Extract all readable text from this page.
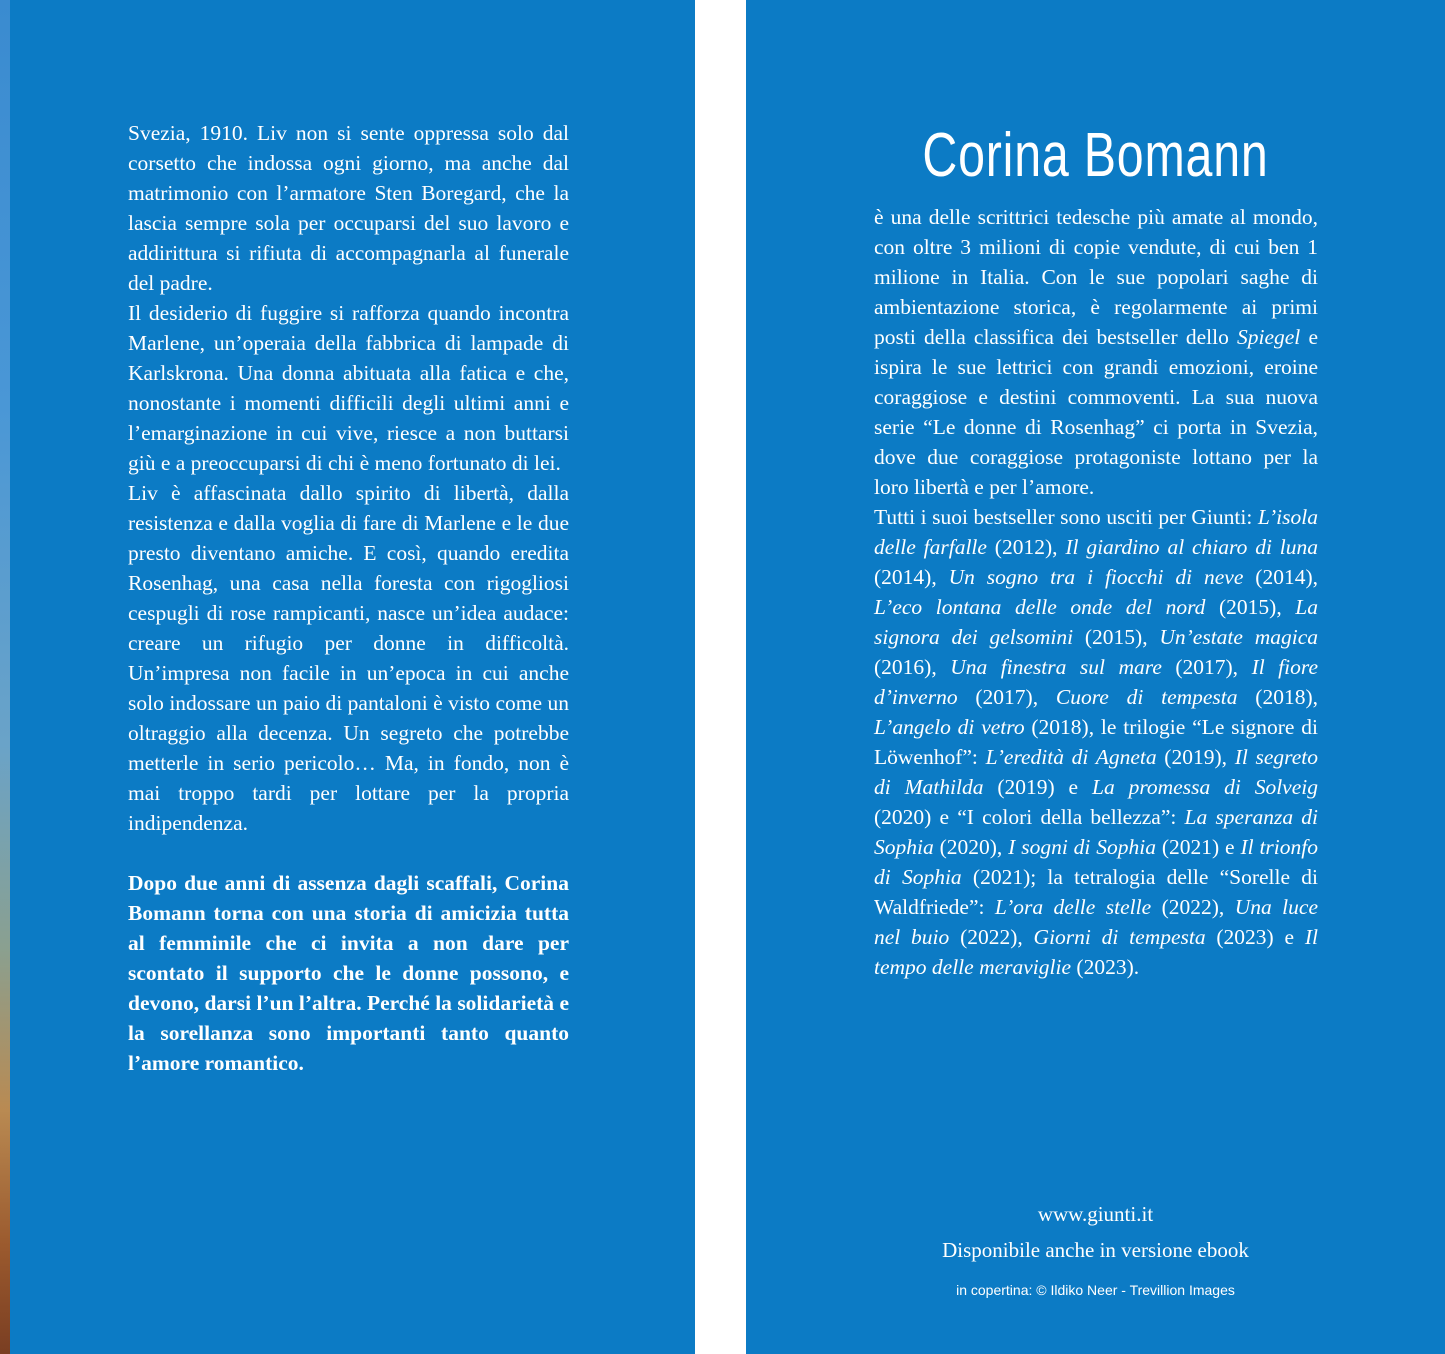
Svezia, 1910. Liv non si sente oppressa solo dal corsetto che indossa ogni giorno, ma anche dal matrimonio con l’armatore Sten Boregard, che la lascia sempre sola per occuparsi del suo lavoro e addirittura si rifiuta di accompagnarla al funerale del padre.

Il desiderio di fuggire si rafforza quando incontra Marlene, un’operaia della fabbrica di lampade di Karlskrona. Una donna abituata alla fatica e che, nonostante i momenti difficili degli ultimi anni e l’emarginazione in cui vive, riesce a non buttarsi giù e a preoccuparsi di chi è meno fortunato di lei.

Liv è affascinata dallo spirito di libertà, dalla resistenza e dalla voglia di fare di Marlene e le due presto diventano amiche. E così, quando eredita Rosenhag, una casa nella foresta con rigogliosi cespugli di rose rampicanti, nasce un’idea audace: creare un rifugio per donne in difficoltà. Un’impresa non facile in un’epoca in cui anche solo indossare un paio di pantaloni è visto come un oltraggio alla decenza. Un segreto che potrebbe metterle in serio pericolo… Ma, in fondo, non è mai troppo tardi per lottare per la propria indipendenza.

Dopo due anni di assenza dagli scaffali, Corina Bomann torna con una storia di amicizia tutta al femminile che ci invita a non dare per scontato il supporto che le donne possono, e devono, darsi l’un l’altra. Perché la solidarietà e la sorellanza sono importanti tanto quanto l’amore romantico.

Corina Bomann

è una delle scrittrici tedesche più amate al mondo, con oltre 3 milioni di copie vendute, di cui ben 1 milione in Italia. Con le sue popolari saghe di ambientazione storica, è regolarmente ai primi posti della classifica dei bestseller dello Spiegel e ispira le sue lettrici con grandi emozioni, eroine coraggiose e destini commoventi. La sua nuova serie “Le donne di Rosenhag” ci porta in Svezia, dove due coraggiose protagoniste lottano per la loro libertà e per l’amore.

Tutti i suoi bestseller sono usciti per Giunti: L’isola delle farfalle (2012), Il giardino al chiaro di luna (2014), Un sogno tra i fiocchi di neve (2014), L’eco lontana delle onde del nord (2015), La signora dei gelsomini (2015), Un’estate magica (2016), Una finestra sul mare (2017), Il fiore d’inverno (2017), Cuore di tempesta (2018), L’angelo di vetro (2018), le trilogie “Le signore di Löwenhof”: L’eredità di Agneta (2019), Il segreto di Mathilda (2019) e La promessa di Solveig (2020) e “I colori della bellezza”: La speranza di Sophia (2020), I sogni di Sophia (2021) e Il trionfo di Sophia (2021); la tetralogia delle “Sorelle di Waldfriede”: L’ora delle stelle (2022), Una luce nel buio (2022), Giorni di tempesta (2023) e Il tempo delle meraviglie (2023).

www.giunti.it
Disponibile anche in versione ebook
in copertina: © Ildiko Neer - Trevillion Images
